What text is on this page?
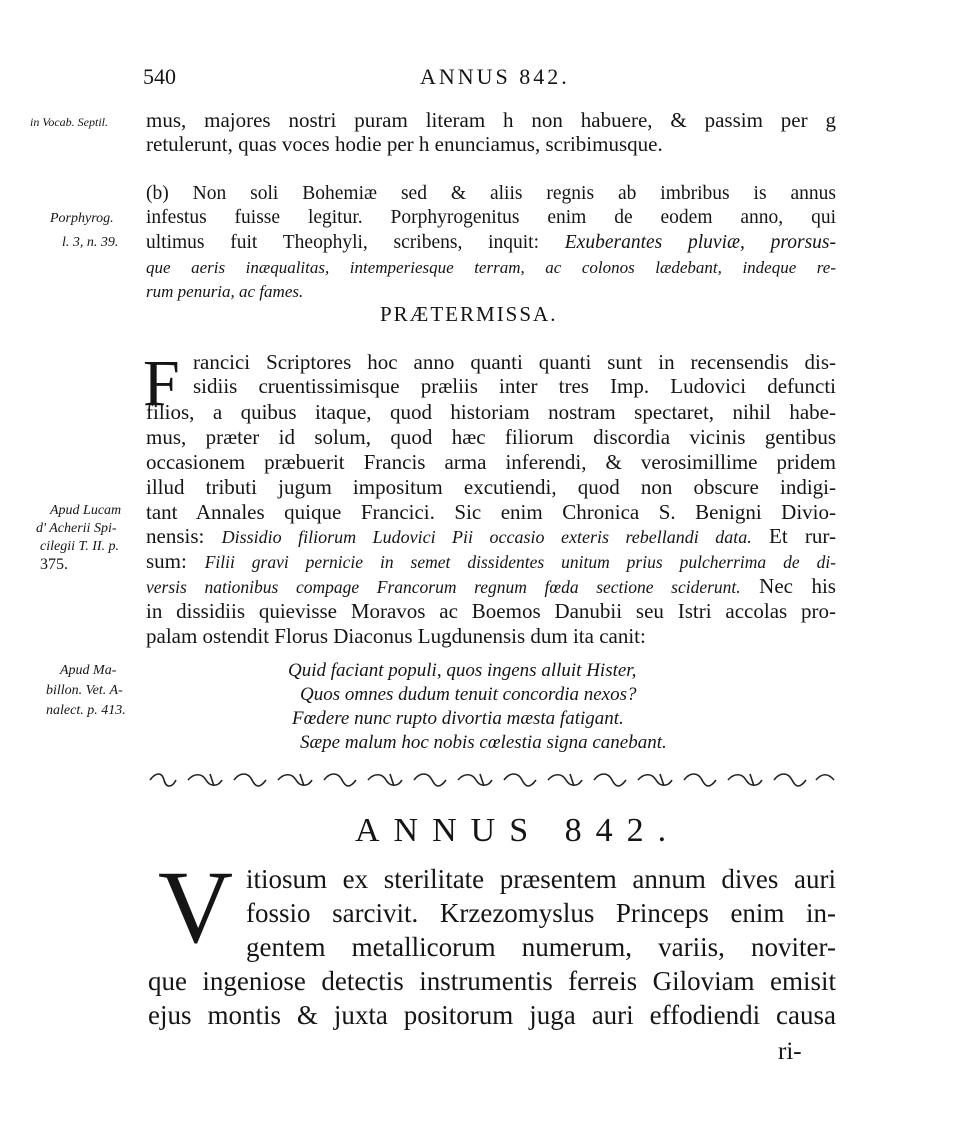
540	ANNUS 842.
mus, majores nostri puram literam h non habuere, & passim per g
retulerunt, quas voces hodie per h enunciamus, scribimusque.
in Vocab. Septil.
Porphyrog.
l. 3, n. 39.
(b) Non soli Bohemiæ sed & aliis regnis ab imbribus is annus
infestus fuisse legitur. Porphyrogenitus enim de eodem anno, qui
ultimus fuit Theophyli, scribens, inquit: Exuberantes pluviæ, prorsus-
que aeris inæqualitas, intemperiesque terram, ac colonos lædebant, indeque re-
rum penuria, ac fames.
PRÆTERMISSA.
F rancici Scriptores hoc anno quanti quanti sunt in recensendis dis-
sidiis cruentissimisque præliis inter tres Imp. Ludovici defuncti
filios, a quibus itaque, quod historiam nostram spectaret, nihil habe-
mus, præter id solum, quod hæc filiorum discordia vicinis gentibus
occasionem præbuerit Francis arma inferendi, & verosimillime pridem
illud tributi jugum impositum excutiendi, quod non obscure indigi-
tant Annales quique Francici. Sic enim Chronica S. Benigni Divio-
nensis: Dissidio filiorum Ludovici Pii occasio exteris rebellandi data. Et rur-
sum: Filii gravi pernicie in semet dissidentes unitum prius pulcherrima de di-
versis nationibus compage Francorum regnum fœda sectione sciderunt. Nec his
in dissidiis quievisse Moravos ac Boemos Danubii seu Istri accolas pro-
palam ostendit Florus Diaconus Lugdunensis dum ita canit:
Apud Lucam
d' Acherii Spi-
cilegii T. II. p.
375.
Apud Ma-
billon. Vet. A-
nalect. p. 413.
Quid faciant populi, quos ingens alluit Hister,
Quos omnes dudum tenuit concordia nexos?
Fœdere nunc rupto divortia mæsta fatigant.
Sæpe malum hoc nobis cœlestia signa canebant.
ANNUS 842.
V itiosum ex sterilitate præsentem annum dives auri
fossio sarcivit. Krzezomyslus Princeps enim in-
gentem metallicorum numerum, variis, noviter-
que ingeniose detectis instrumentis ferreis Giloviam emisit
ejus montis & juxta positorum juga auri effodiendi causa
ri-
